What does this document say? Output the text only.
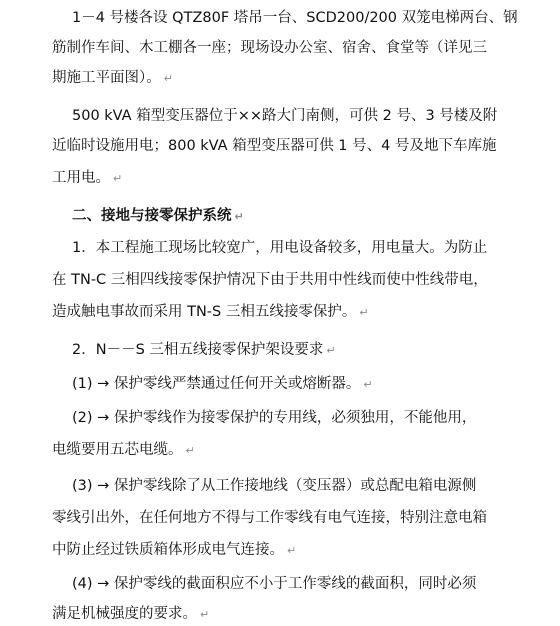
1－4 号楼各设 QTZ80F 塔吊一台、SCD200/200 双笼电梯两台、钢
筋制作车间、木工棚各一座；现场设办公室、宿舍、食堂等（详见三
期施工平面图）。 ↵
500 kVA 箱型变压器位于××路大门南侧，可供 2 号、3 号楼及附
近临时设施用电；800 kVA 箱型变压器可供 1 号、4 号及地下车库施
工用电。 ↵
二、接地与接零保护系统 ↵
1．本工程施工现场比较宽广，用电设备较多，用电量大。为防止
在 TN-C 三相四线接零保护情况下由于共用中性线而使中性线带电，
造成触电事故而采用 TN-S 三相五线接零保护。 ↵
2．N－－S 三相五线接零保护架设要求 ↵
(1) → 保护零线严禁通过任何开关或熔断器。 ↵
(2) → 保护零线作为接零保护的专用线，必须独用，不能他用，
电缆要用五芯电缆。 ↵
(3) → 保护零线除了从工作接地线（变压器）或总配电箱电源侧
零线引出外，在任何地方不得与工作零线有电气连接，特别注意电箱
中防止经过铁质箱体形成电气连接。 ↵
(4) → 保护零线的截面积应不小于工作零线的截面积，同时必须
满足机械强度的要求。 ↵
